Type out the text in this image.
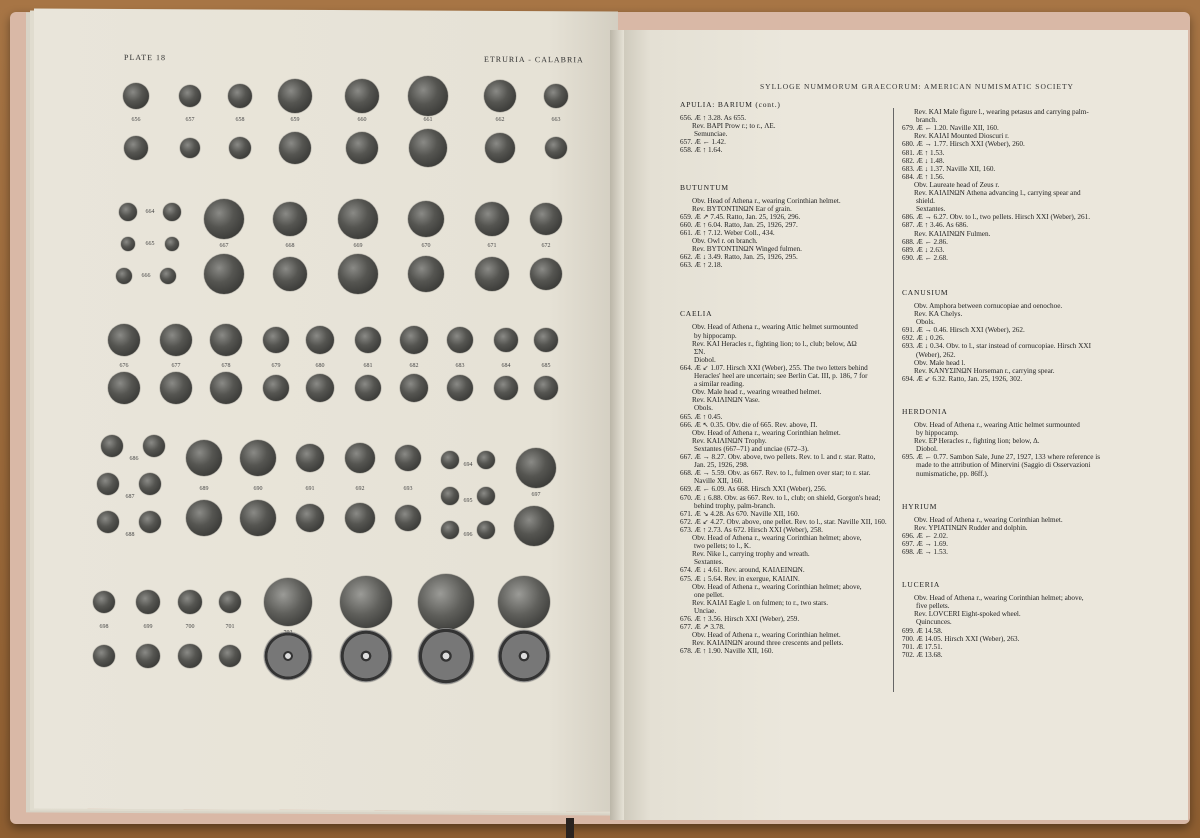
PLATE 18	ETRURIA - CALABRIA
656	657	658	659	660	661	662	663
664
665
666
667	668	669	670	671	672
676	677	678	679	680	681	682	683	684	685
686
687
688
689	690	691	692	693
694
695
696
697
698	699	700	701
702
SYLLOGE NUMMORUM GRAECORUM: AMERICAN NUMISMATIC SOCIETY
APULIA: BARIUM (cont.)
656. Æ ↑ 3.28. As 655.
Rev. BAPI Prow r.; to r., ΛΕ.
Semunciae.
657. Æ ← 1.42.
658. Æ ↑ 1.64.
BUTUNTUM
Obv. Head of Athena r., wearing Corinthian helmet.
Rev. BYTONTINΩN Ear of grain.
659. Æ ↗ 7.45. Ratto, Jan. 25, 1926, 296.
660. Æ ↑ 6.04. Ratto, Jan. 25, 1926, 297.
661. Æ ↑ 7.12. Weber Coll., 434.
Obv. Owl r. on branch.
Rev. BYTONTINΩN Winged fulmen.
662. Æ ↓ 3.49. Ratto, Jan. 25, 1926, 295.
663. Æ ↑ 2.18.
CAELIA
Obv. Head of Athena r., wearing Attic helmet surmounted
by hippocamp.
Rev. KAI Heracles r., fighting lion; to l., club; below, ΔΩ
ΣΝ.
Diobol.
664. Æ ↙ 1.07. Hirsch XXI (Weber), 255. The two letters behind
Heracles' heel are uncertain; see Berlin Cat. III, p. 186, 7 for
a similar reading.
Obv. Male head r., wearing wreathed helmet.
Rev. KAIΛINΩN Vase.
Obols.
665. Æ ↑ 0.45.
666. Æ ↖ 0.35. Obv. die of 665. Rev. above, Π.
Obv. Head of Athena r., wearing Corinthian helmet.
Rev. KAIΛINΩN Trophy.
Sextantes (667–71) and unciae (672–3).
667. Æ → 8.27. Obv. above, two pellets. Rev. to l. and r. star. Ratto,
Jan. 25, 1926, 298.
668. Æ → 5.59. Obv. as 667. Rev. to l., fulmen over star; to r. star.
Naville XII, 160.
669. Æ ← 6.09. As 668. Hirsch XXI (Weber), 256.
670. Æ ↓ 6.88. Obv. as 667. Rev. to l., club; on shield, Gorgon's head;
behind trophy, palm-branch.
671. Æ ↘ 4.28. As 670. Naville XII, 160.
672. Æ ↙ 4.27. Obv. above, one pellet. Rev. to l., star. Naville XII, 160.
673. Æ ↑ 2.73. As 672. Hirsch XXI (Weber), 258.
Obv. Head of Athena r., wearing Corinthian helmet; above,
two pellets; to l., K.
Rev. Nike l., carrying trophy and wreath.
Sextantes.
674. Æ ↓ 4.61. Rev. around, KAIΛEINΩN.
675. Æ ↓ 5.64. Rev. in exergue, KAIΛIN.
Obv. Head of Athena r., wearing Corinthian helmet; above,
one pellet.
Rev. KAIΛI Eagle l. on fulmen; to r., two stars.
Unciae.
676. Æ ↑ 3.56. Hirsch XXI (Weber), 259.
677. Æ ↗ 3.78.
Obv. Head of Athena r., wearing Corinthian helmet.
Rev. KAIΛINΩN around three crescents and pellets.
678. Æ ↑ 1.90. Naville XII, 160.
Rev. KAI Male figure l., wearing petasus and carrying palm-
branch.
679. Æ ← 1.20. Naville XII, 160.
Rev. KAIΛI Mounted Dioscuri r.
680. Æ → 1.77. Hirsch XXI (Weber), 260.
681. Æ ↑ 1.53.
682. Æ ↓ 1.48.
683. Æ ↓ 1.37. Naville XII, 160.
684. Æ ↑ 1.56.
Obv. Laureate head of Zeus r.
Rev. KAIΛINΩN Athena advancing l., carrying spear and
shield.
Sextantes.
686. Æ → 6.27. Obv. to l., two pellets. Hirsch XXI (Weber), 261.
687. Æ ↑ 3.46. As 686.
Rev. KAIΛINΩN Fulmen.
688. Æ ← 2.86.
689. Æ ↓ 2.63.
690. Æ ← 2.68.
CANUSIUM
Obv. Amphora between cornucopiae and oenochoe.
Rev. KA Chelys.
Obols.
691. Æ → 0.46. Hirsch XXI (Weber), 262.
692. Æ ↓ 0.26.
693. Æ ↓ 0.34. Obv. to l., star instead of cornucopiae. Hirsch XXI
(Weber), 262.
Obv. Male head l.
Rev. KANYΣINΩN Horseman r., carrying spear.
694. Æ ↙ 6.32. Ratto, Jan. 25, 1926, 302.
HERDONIA
Obv. Head of Athena r., wearing Attic helmet surmounted
by hippocamp.
Rev. EP Heracles r., fighting lion; below, Δ.
Diobol.
695. Æ ← 0.77. Sambon Sale, June 27, 1927, 133 where reference is
made to the attribution of Minervini (Saggio di Osservazioni
numismatiche, pp. 86ff.).
HYRIUM
Obv. Head of Athena r., wearing Corinthian helmet.
Rev. YPIATINΩN Rudder and dolphin.
696. Æ ← 2.02.
697. Æ → 1.69.
698. Æ → 1.53.
LUCERIA
Obv. Head of Athena r., wearing Corinthian helmet; above,
five pellets.
Rev. LOVCERI Eight-spoked wheel.
Quincunces.
699. Æ 14.58.
700. Æ 14.05. Hirsch XXI (Weber), 263.
701. Æ 17.51.
702. Æ 13.68.
